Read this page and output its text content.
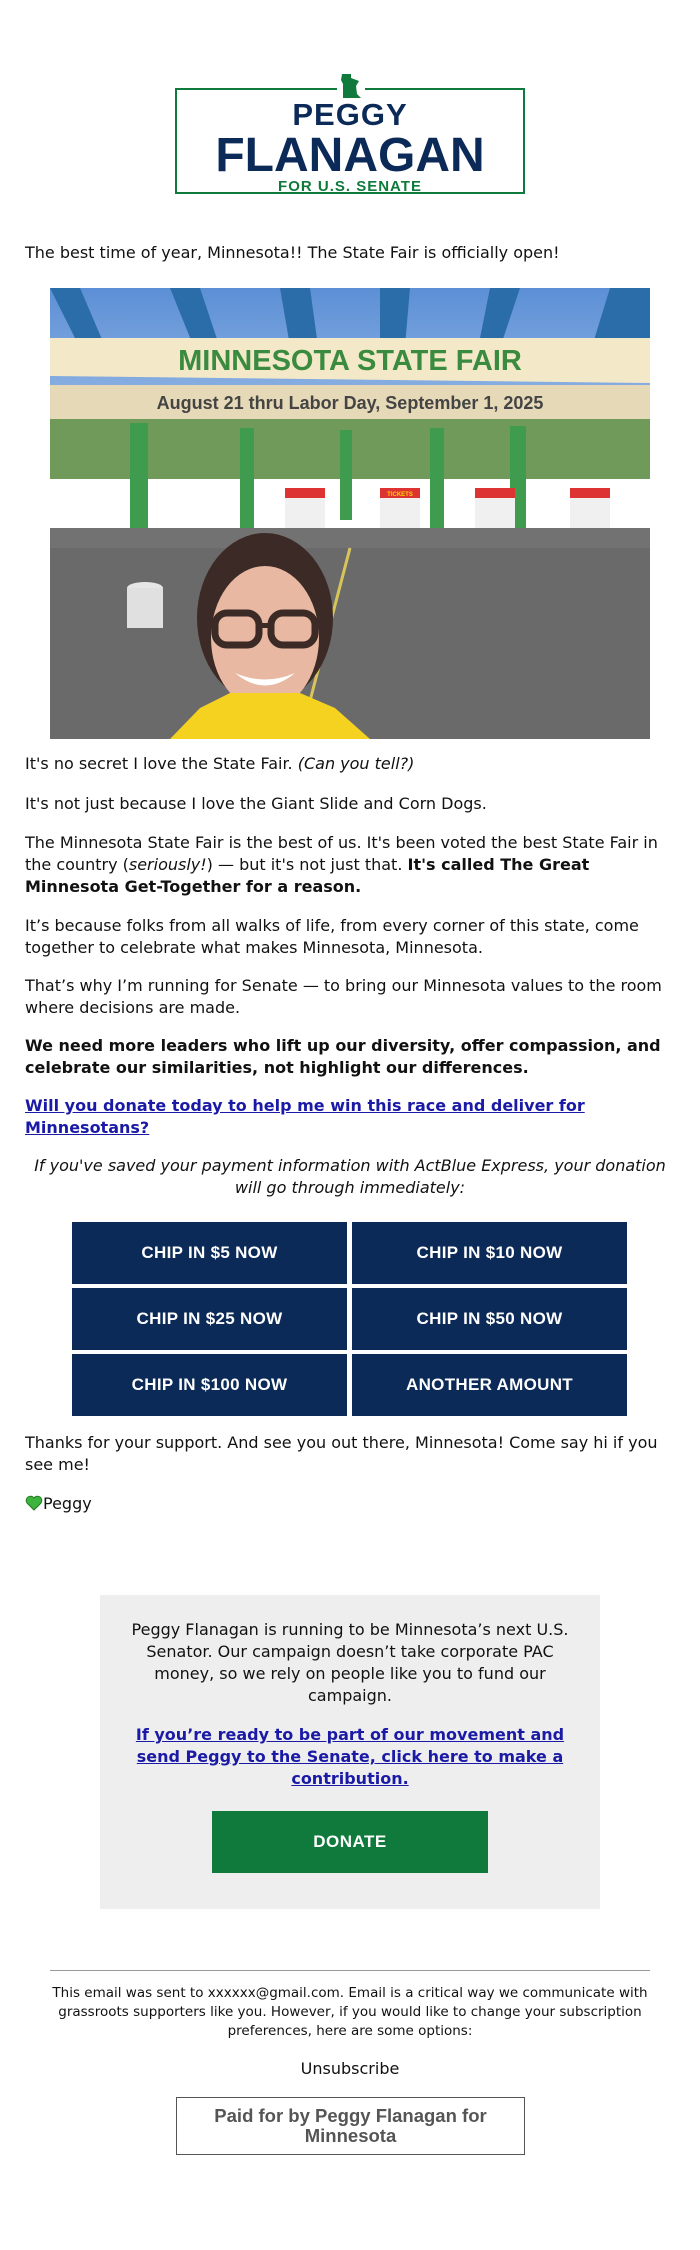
PEGGY
FLANAGAN
FOR U.S. SENATE

The best time of year, Minnesota!! The State Fair is officially open!

MINNESOTA STATE FAIR
August 21 thru Labor Day, September 1, 2025
TICKETS

It's no secret I love the State Fair. (Can you tell?)

It's not just because I love the Giant Slide and Corn Dogs.

The Minnesota State Fair is the best of us. It's been voted the best State Fair in the country (seriously!) — but it's not just that. It's called The Great Minnesota Get-Together for a reason.

It’s because folks from all walks of life, from every corner of this state, come together to celebrate what makes Minnesota, Minnesota.

That’s why I’m running for Senate — to bring our Minnesota values to the room where decisions are made.

We need more leaders who lift up our diversity, offer compassion, and celebrate our similarities, not highlight our differences.

Will you donate today to help me win this race and deliver for Minnesotans?

If you've saved your payment information with ActBlue Express, your donation will go through immediately:

CHIP IN $5 NOW	CHIP IN $10 NOW
CHIP IN $25 NOW	CHIP IN $50 NOW
CHIP IN $100 NOW	ANOTHER AMOUNT

Thanks for your support. And see you out there, Minnesota! Come say hi if you see me!

Peggy

Peggy Flanagan is running to be Minnesota’s next U.S. Senator. Our campaign doesn’t take corporate PAC money, so we rely on people like you to fund our campaign.
If you’re ready to be part of our movement and send Peggy to the Senate, click here to make a contribution.
DONATE
This email was sent to xxxxxx@gmail.com. Email is a critical way we communicate with grassroots supporters like you. However, if you would like to change your subscription preferences, here are some options:
Unsubscribe
Paid for by Peggy Flanagan for Minnesota
